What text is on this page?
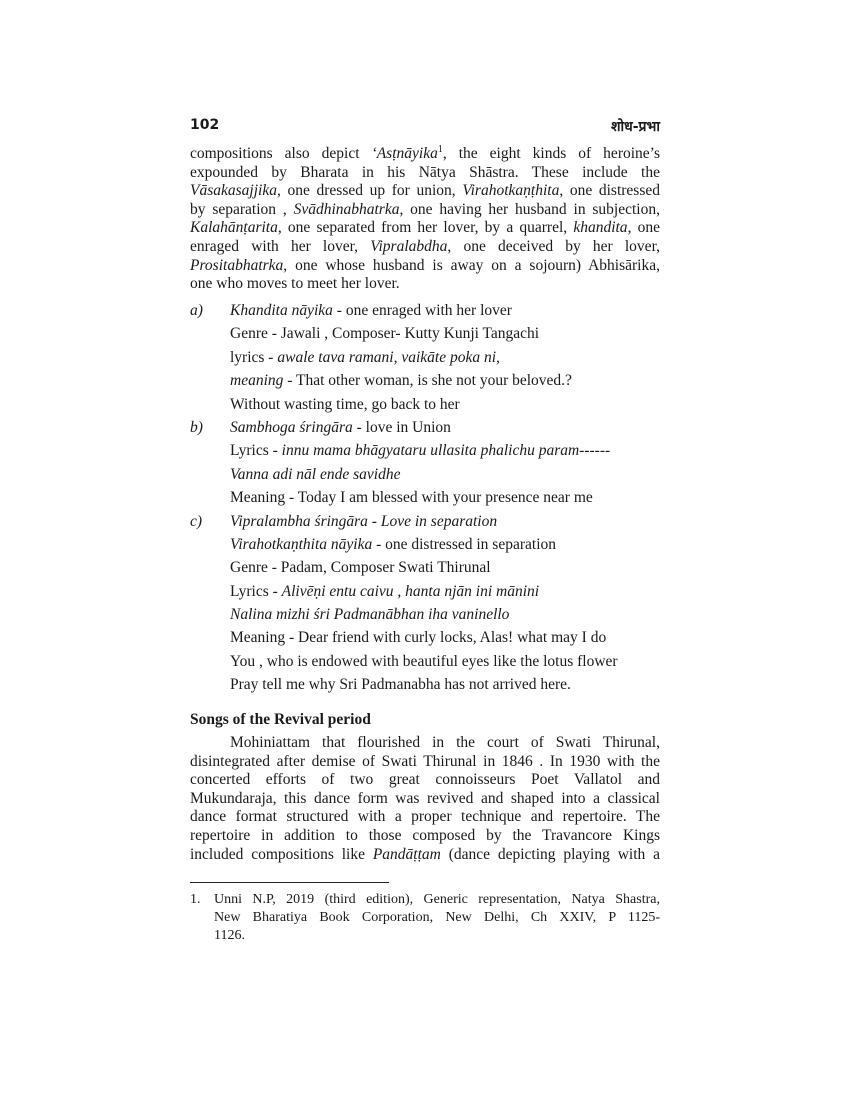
102	शोध-प्रभा
compositions also depict ‘Asṭnāyika$^1$, the eight kinds of heroine’s
expounded by Bharata in his Nātya Shāstra. These include the
Vāsakasajjika, one dressed up for union, Virahotkaṇṭhita, one distressed
by separation , Svādhinabhatrka, one having her husband in subjection,
Kalahānṭarita, one separated from her lover, by a quarrel, khandita, one
enraged with her lover, Vipralabdha, one deceived by her lover,
Prositabhatrka, one whose husband is away on a sojourn) Abhisārika,
one who moves to meet her lover.
a) Khandita nāyika - one enraged with her lover
Genre - Jawali , Composer- Kutty Kunji Tangachi
lyrics - awale tava ramani, vaikāte poka ni,
meaning - That other woman, is she not your beloved.?
Without wasting time, go back to her
b) Sambhoga śringāra - love in Union
Lyrics - innu mama bhāgyataru ullasita phalichu param------
Vanna adi nāl ende savidhe
Meaning - Today I am blessed with your presence near me
c) Vipralambha śringāra - Love in separation
Virahotkaṇthita nāyika - one distressed in separation
Genre - Padam, Composer Swati Thirunal
Lyrics - Alivēṇi entu caivu , hanta njān ini mānini
Nalina mizhi śri Padmanābhan iha vaninello
Meaning - Dear friend with curly locks, Alas! what may I do
You , who is endowed with beautiful eyes like the lotus flower
Pray tell me why Sri Padmanabha has not arrived here.
Songs of the Revival period
Mohiniattam that flourished in the court of Swati Thirunal,
disintegrated after demise of Swati Thirunal in 1846 . In 1930 with the
concerted efforts of two great connoisseurs Poet Vallatol and
Mukundaraja, this dance form was revived and shaped into a classical
dance format structured with a proper technique and repertoire. The
repertoire in addition to those composed by the Travancore Kings
included compositions like Pandāṭṭam (dance depicting playing with a
1. Unni N.P, 2019 (third edition), Generic representation, Natya Shastra,
New Bharatiya Book Corporation, New Delhi, Ch XXIV, P 1125-
1126.
